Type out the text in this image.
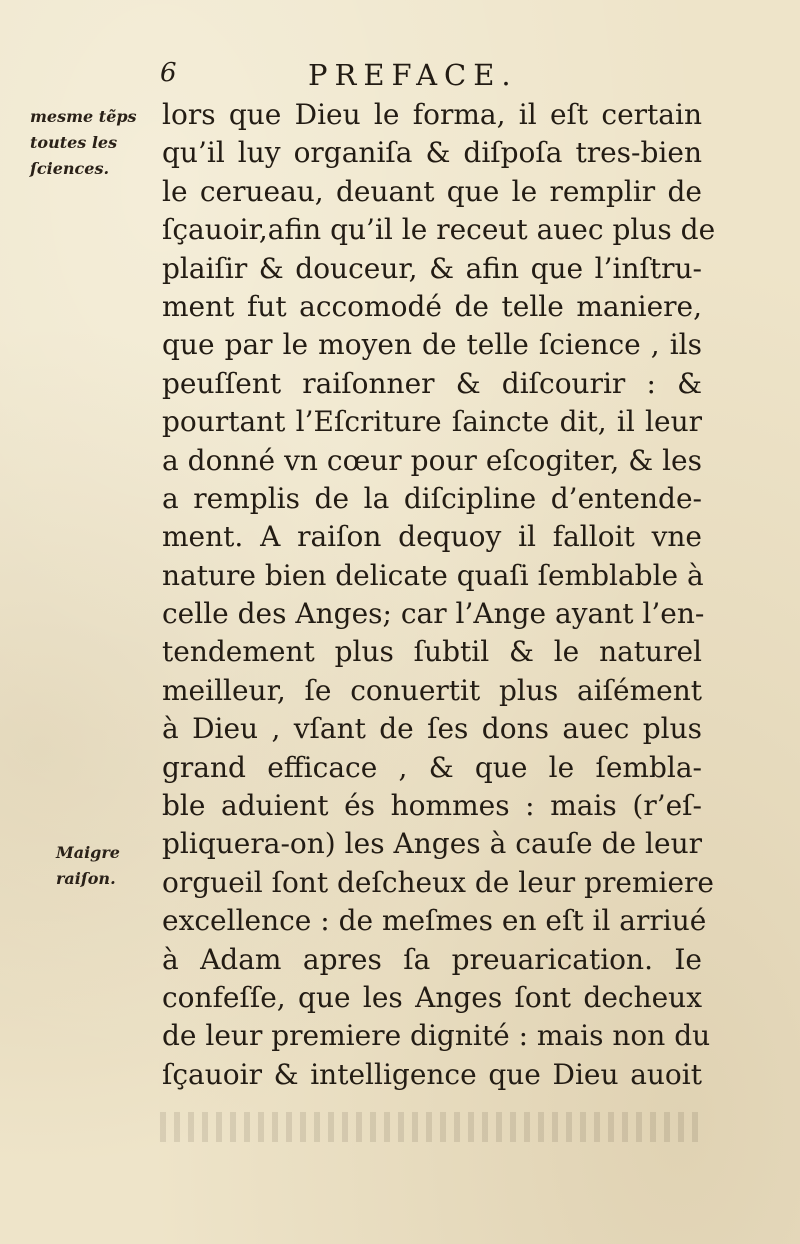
6	PREFACE.
mesme tẽps
toutes les
ſciences.
Maigre
raiſon.
lors que Dieu le forma, il eſt certain
qu’il luy organiſa & diſpoſa tres-bien
le cerueau, deuant que le remplir de
ſçauoir,afin qu’il le receut auec plus de
plaiſir & douceur, & afin que l’inſtru-
ment fut accomodé de telle maniere,
que par le moyen de telle ſcience , ils
peuſſent raiſonner & diſcourir : &
pourtant l’Eſcriture ſaincte dit, il leur
a donné vn cœur pour eſcogiter, & les
a remplis de la diſcipline d’entende-
ment. A raiſon dequoy il falloit vne
nature bien delicate quaſi ſemblable à
celle des Anges; car l’Ange ayant l’en-
tendement plus ſubtil & le naturel
meilleur, ſe conuertit plus aiſément
à Dieu , vſant de ſes dons auec plus
grand efficace , & que le ſembla-
ble aduient és hommes : mais (r’eſ-
pliquera-on) les Anges à cauſe de leur
orgueil ſont deſcheux de leur premiere
excellence : de meſmes en eſt il arriué
à Adam apres ſa preuarication. Ie
confeſſe, que les Anges ſont decheux
de leur premiere dignité : mais non du
ſçauoir & intelligence que Dieu auoit
